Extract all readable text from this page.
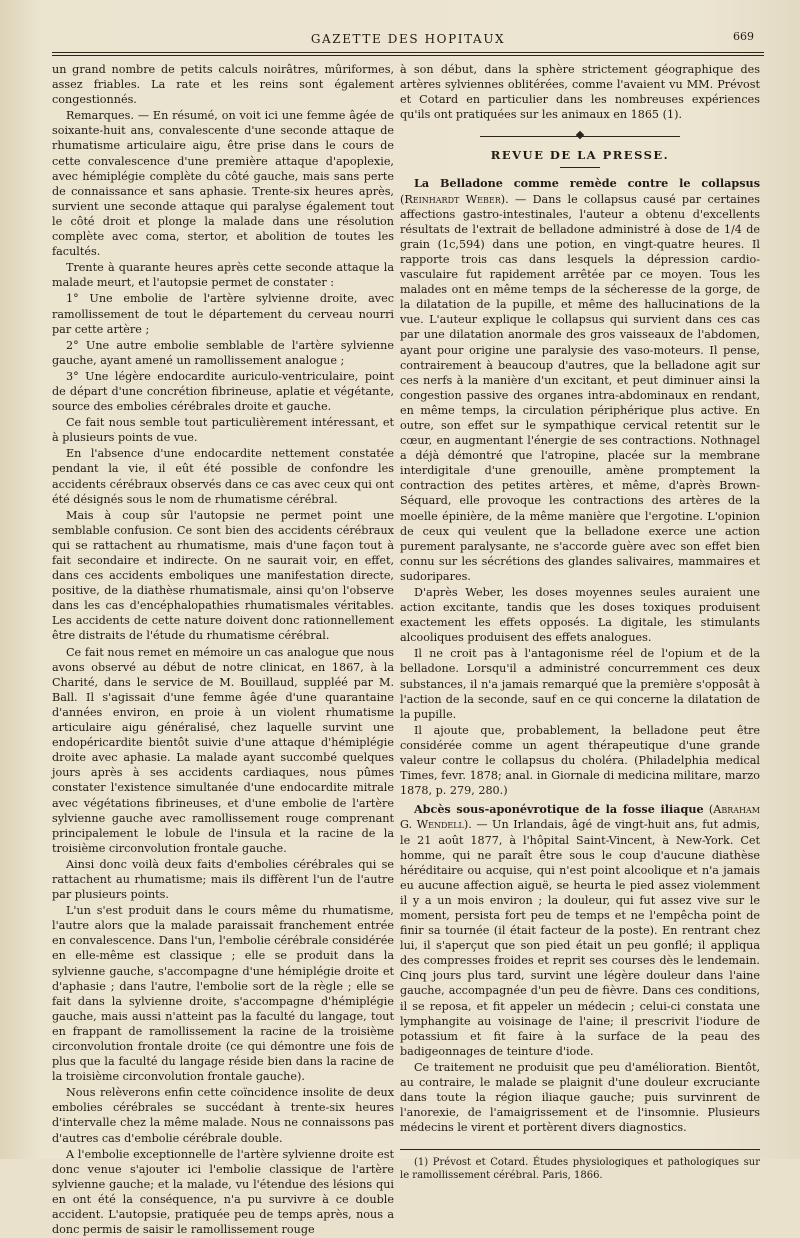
GAZETTE DES HOPITAUX	669

un grand nombre de petits calculs noirâtres, mûriformes, assez friables. La rate et les reins sont également congestionnés.

Remarques. — En résumé, on voit ici une femme âgée de soixante-huit ans, convalescente d'une seconde attaque de rhumatisme articulaire aigu, être prise dans le cours de cette convalescence d'une première attaque d'apoplexie, avec hémiplégie complète du côté gauche, mais sans perte de connaissance et sans aphasie. Trente-six heures après, survient une seconde attaque qui paralyse également tout le côté droit et plonge la malade dans une résolution complète avec coma, stertor, et abolition de toutes les facultés.

Trente à quarante heures après cette seconde attaque la malade meurt, et l'autopsie permet de constater :

1° Une embolie de l'artère sylvienne droite, avec ramollissement de tout le département du cerveau nourri par cette artère ;

2° Une autre embolie semblable de l'artère sylvienne gauche, ayant amené un ramollissement analogue ;

3° Une légère endocardite auriculo-ventriculaire, point de départ d'une concrétion fibrineuse, aplatie et végétante, source des embolies cérébrales droite et gauche.

Ce fait nous semble tout particulièrement intéressant, et à plusieurs points de vue.

En l'absence d'une endocardite nettement constatée pendant la vie, il eût été possible de confondre les accidents cérébraux observés dans ce cas avec ceux qui ont été désignés sous le nom de rhumatisme cérébral.

Mais à coup sûr l'autopsie ne permet point une semblable confusion. Ce sont bien des accidents cérébraux qui se rattachent au rhumatisme, mais d'une façon tout à fait secondaire et indirecte. On ne saurait voir, en effet, dans ces accidents emboliques une manifestation directe, positive, de la diathèse rhumatismale, ainsi qu'on l'observe dans les cas d'encéphalopathies rhumatismales véritables. Les accidents de cette nature doivent donc rationnellement être distraits de l'étude du rhumatisme cérébral.

Ce fait nous remet en mémoire un cas analogue que nous avons observé au début de notre clinicat, en 1867, à la Charité, dans le service de M. Bouillaud, suppléé par M. Ball. Il s'agissait d'une femme âgée d'une quarantaine d'années environ, en proie à un violent rhumatisme articulaire aigu généralisé, chez laquelle survint une endopéricardite bientôt suivie d'une attaque d'hémiplégie droite avec aphasie. La malade ayant succombé quelques jours après à ses accidents cardiaques, nous pûmes constater l'existence simultanée d'une endocardite mitrale avec végétations fibrineuses, et d'une embolie de l'artère sylvienne gauche avec ramollissement rouge comprenant principalement le lobule de l'insula et la racine de la troisième circonvolution frontale gauche.

Ainsi donc voilà deux faits d'embolies cérébrales qui se rattachent au rhumatisme; mais ils diffèrent l'un de l'autre par plusieurs points.

L'un s'est produit dans le cours même du rhumatisme, l'autre alors que la malade paraissait franchement entrée en convalescence. Dans l'un, l'embolie cérébrale considérée en elle-même est classique ; elle se produit dans la sylvienne gauche, s'accompagne d'une hémiplégie droite et d'aphasie ; dans l'autre, l'embolie sort de la règle ; elle se fait dans la sylvienne droite, s'accompagne d'hémiplégie gauche, mais aussi n'atteint pas la faculté du langage, tout en frappant de ramollissement la racine de la troisième circonvolution frontale droite (ce qui démontre une fois de plus que la faculté du langage réside bien dans la racine de la troisième circonvolution frontale gauche).

Nous relèverons enfin cette coïncidence insolite de deux embolies cérébrales se succédant à trente-six heures d'intervalle chez la même malade. Nous ne connaissons pas d'autres cas d'embolie cérébrale double.

A l'embolie exceptionnelle de l'artère sylvienne droite est donc venue s'ajouter ici l'embolie classique de l'artère sylvienne gauche; et la malade, vu l'étendue des lésions qui en ont été la conséquence, n'a pu survivre à ce double accident. L'autopsie, pratiquée peu de temps après, nous a donc permis de saisir le ramollissement rouge

à son début, dans la sphère strictement géographique des artères sylviennes oblitérées, comme l'avaient vu MM. Prévost et Cotard en particulier dans les nombreuses expériences qu'ils ont pratiquées sur les animaux en 1865 (1).

REVUE DE LA PRESSE.

La Belladone comme remède contre le collapsus (Reinhardt Weber). — Dans le collapsus causé par certaines affections gastro-intestinales, l'auteur a obtenu d'excellents résultats de l'extrait de belladone administré à dose de 1/4 de grain (1c,594) dans une potion, en vingt-quatre heures. Il rapporte trois cas dans lesquels la dépression cardio-vasculaire fut rapidement arrêtée par ce moyen. Tous les malades ont en même temps de la sécheresse de la gorge, de la dilatation de la pupille, et même des hallucinations de la vue. L'auteur explique le collapsus qui survient dans ces cas par une dilatation anormale des gros vaisseaux de l'abdomen, ayant pour origine une paralysie des vaso-moteurs. Il pense, contrairement à beaucoup d'autres, que la belladone agit sur ces nerfs à la manière d'un excitant, et peut diminuer ainsi la congestion passive des organes intra-abdominaux en rendant, en même temps, la circulation périphérique plus active. En outre, son effet sur le sympathique cervical retentit sur le cœur, en augmentant l'énergie de ses contractions. Nothnagel a déjà démontré que l'atropine, placée sur la membrane interdigitale d'une grenouille, amène promptement la contraction des petites artères, et même, d'après Brown-Séquard, elle provoque les contractions des artères de la moelle épinière, de la même manière que l'ergotine. L'opinion de ceux qui veulent que la belladone exerce une action purement paralysante, ne s'accorde guère avec son effet bien connu sur les sécrétions des glandes salivaires, mammaires et sudoripares.

D'après Weber, les doses moyennes seules auraient une action excitante, tandis que les doses toxiques produisent exactement les effets opposés. La digitale, les stimulants alcooliques produisent des effets analogues.

Il ne croit pas à l'antagonisme réel de l'opium et de la belladone. Lorsqu'il a administré concurremment ces deux substances, il n'a jamais remarqué que la première s'opposât à l'action de la seconde, sauf en ce qui concerne la dilatation de la pupille.

Il ajoute que, probablement, la belladone peut être considérée comme un agent thérapeutique d'une grande valeur contre le collapsus du choléra. (Philadelphia medical Times, fevr. 1878; anal. in Giornale di medicina militare, marzo 1878, p. 279, 280.)

Abcès sous-aponévrotique de la fosse iliaque (Abraham G. Wendell). — Un Irlandais, âgé de vingt-huit ans, fut admis, le 21 août 1877, à l'hôpital Saint-Vincent, à New-York. Cet homme, qui ne paraît être sous le coup d'aucune diathèse héréditaire ou acquise, qui n'est point alcoolique et n'a jamais eu aucune affection aiguë, se heurta le pied assez violemment il y a un mois environ ; la douleur, qui fut assez vive sur le moment, persista fort peu de temps et ne l'empêcha point de finir sa tournée (il était facteur de la poste). En rentrant chez lui, il s'aperçut que son pied était un peu gonflé; il appliqua des compresses froides et reprit ses courses dès le lendemain. Cinq jours plus tard, survint une légère douleur dans l'aine gauche, accompagnée d'un peu de fièvre. Dans ces conditions, il se reposa, et fit appeler un médecin ; celui-ci constata une lymphangite au voisinage de l'aine; il prescrivit l'iodure de potassium et fit faire à la surface de la peau des badigeonnages de teinture d'iode.

Ce traitement ne produisit que peu d'amélioration. Bientôt, au contraire, le malade se plaignit d'une douleur excruciante dans toute la région iliaque gauche; puis survinrent de l'anorexie, de l'amaigrissement et de l'insomnie. Plusieurs médecins le virent et portèrent divers diagnostics.

(1) Prévost et Cotard. Études physiologiques et pathologiques sur le ramollissement cérébral. Paris, 1866.
